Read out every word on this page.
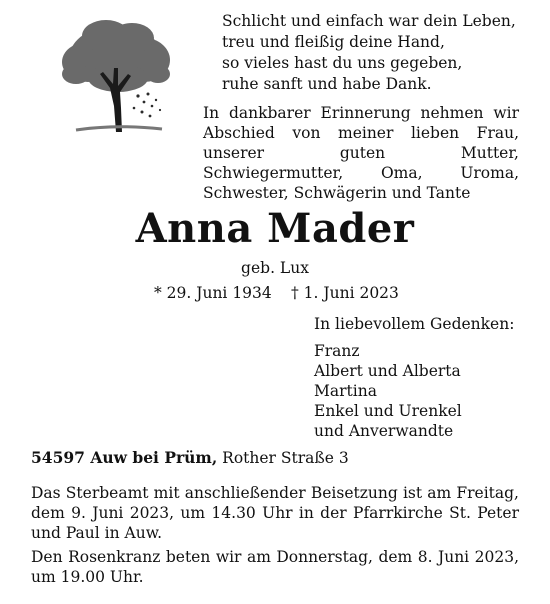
Schlicht und einfach war dein Leben,
treu und fleißig deine Hand,
so vieles hast du uns gegeben,
ruhe sanft und habe Dank.

In dankbarer Erinnerung nehmen wir Abschied von meiner lieben Frau, unserer guten Mutter, Schwiegermutter, Oma, Uroma, Schwester, Schwägerin und Tante

Anna Mader
geb. Lux
* 29. Juni 1934 † 1. Juni 2023
In liebevollem Gedenken:
Franz
Albert und Alberta
Martina
Enkel und Urenkel
und Anverwandte
54597 Auw bei Prüm, Rother Straße 3

Das Sterbeamt mit anschließender Beisetzung ist am Freitag, dem 9. Juni 2023, um 14.30 Uhr in der Pfarrkirche St. Peter und Paul in Auw.

Den Rosenkranz beten wir am Donnerstag, dem 8. Juni 2023, um 19.00 Uhr.
